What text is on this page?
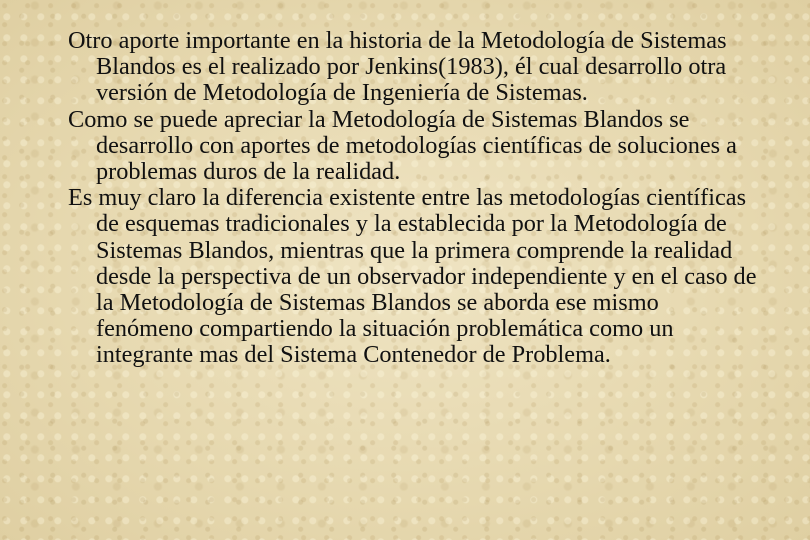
Otro aporte importante en la historia de la Metodología de Sistemas Blandos es el realizado por Jenkins(1983), él cual desarrollo otra versión de Metodología de Ingeniería de Sistemas.

Como se puede apreciar la Metodología de Sistemas Blandos se desarrollo con aportes de metodologías científicas de soluciones a problemas duros de la realidad.

Es muy claro la diferencia existente entre las metodologías científicas de esquemas tradicionales y la establecida por la Metodología de Sistemas Blandos, mientras que la primera comprende la realidad desde la perspectiva de un observador independiente y en el caso de la Metodología de Sistemas Blandos se aborda ese mismo fenómeno compartiendo la situación problemática como un integrante mas del Sistema Contenedor de Problema.
